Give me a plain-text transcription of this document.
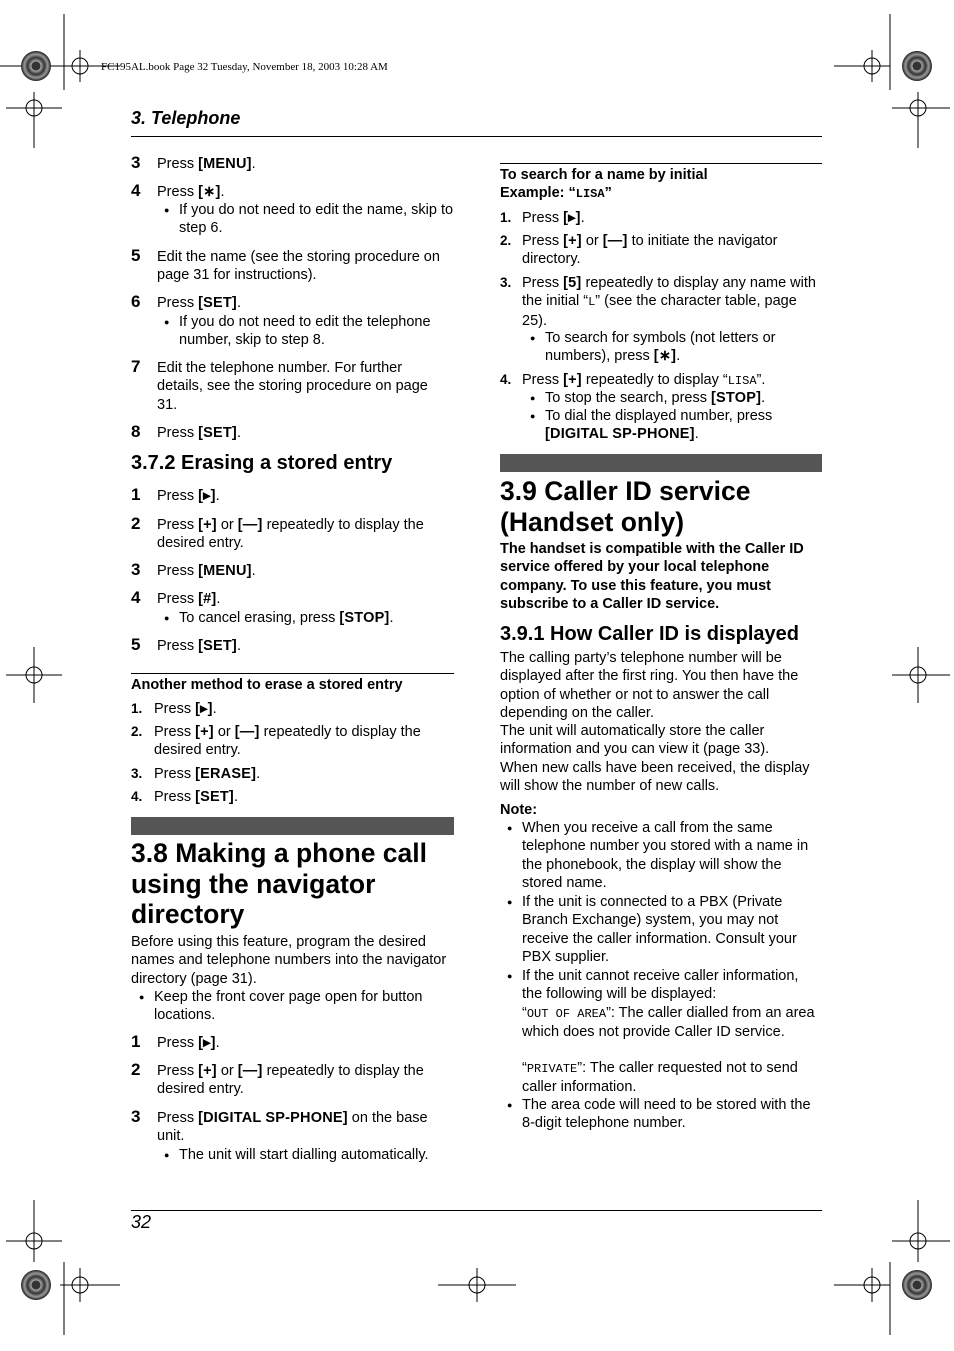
FC195AL.book Page 32 Tuesday, November 18, 2003 10:28 AM
3. Telephone
3 Press [MENU].
4 Press [∗].
● If you do not need to edit the name, skip to step 6.
5 Edit the name (see the storing procedure on page 31 for instructions).
6 Press [SET].
● If you do not need to edit the telephone number, skip to step 8.
7 Edit the telephone number. For further details, see the storing procedure on page 31.
8 Press [SET].
3.7.2 Erasing a stored entry
1 Press [▸].
2 Press [+] or [—] repeatedly to display the desired entry.
3 Press [MENU].
4 Press [#].
● To cancel erasing, press [STOP].
5 Press [SET].
Another method to erase a stored entry
1. Press [▸].
2. Press [+] or [—] repeatedly to display the desired entry.
3. Press [ERASE].
4. Press [SET].
3.8 Making a phone call using the navigator directory
Before using this feature, program the desired names and telephone numbers into the navigator directory (page 31).
● Keep the front cover page open for button locations.
1 Press [▸].
2 Press [+] or [—] repeatedly to display the desired entry.
3 Press [DIGITAL SP-PHONE] on the base unit.
● The unit will start dialling automatically.
To search for a name by initial
Example: “LISA”
1. Press [▸].
2. Press [+] or [—] to initiate the navigator directory.
3. Press [5] repeatedly to display any name with the initial “L” (see the character table, page 25).
● To search for symbols (not letters or numbers), press [∗].
4. Press [+] repeatedly to display “LISA”.
● To stop the search, press [STOP].
● To dial the displayed number, press [DIGITAL SP-PHONE].
3.9 Caller ID service (Handset only)
The handset is compatible with the Caller ID service offered by your local telephone company. To use this feature, you must subscribe to a Caller ID service.
3.9.1 How Caller ID is displayed
The calling party’s telephone number will be displayed after the first ring. You then have the option of whether or not to answer the call depending on the caller.
The unit will automatically store the caller information and you can view it (page 33).
When new calls have been received, the display will show the number of new calls.
Note:
● When you receive a call from the same telephone number you stored with a name in the phonebook, the display will show the stored name.
● If the unit is connected to a PBX (Private Branch Exchange) system, you may not receive the caller information. Consult your PBX supplier.
● If the unit cannot receive caller information, the following will be displayed:
“OUT OF AREA”: The caller dialled from an area which does not provide Caller ID service.
“PRIVATE”: The caller requested not to send caller information.
● The area code will need to be stored with the 8-digit telephone number.
32
